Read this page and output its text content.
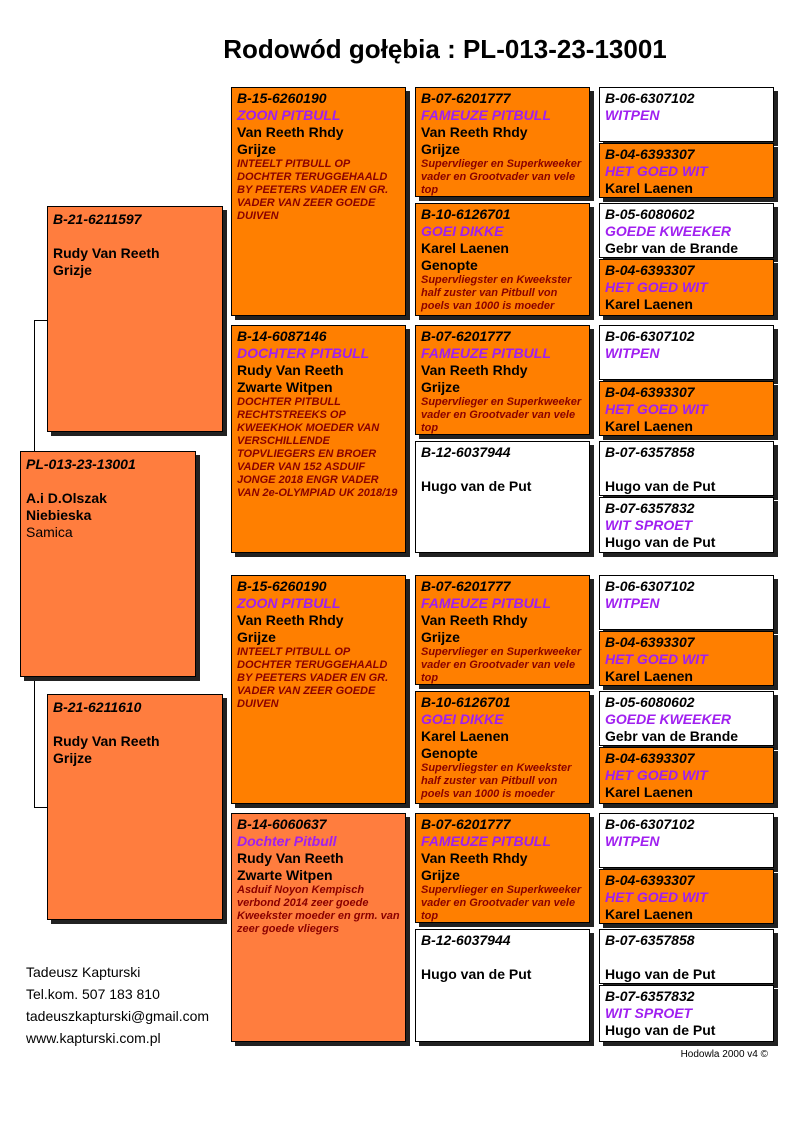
Rodowód gołębia : PL-013-23-13001
PL-013-23-13001
A.i D.Olszak
Niebieska
Samica
B-21-6211597
Rudy Van Reeth
Grizje
B-21-6211610
Rudy Van Reeth
Grijze
B-15-6260190
ZOON PITBULL
Van Reeth Rhdy
Grijze
INTEELT PITBULL OP DOCHTER TERUGGEHAALD BY PEETERS VADER EN GR. VADER VAN ZEER GOEDE DUIVEN
B-14-6087146
DOCHTER PITBULL
Rudy Van Reeth
Zwarte Witpen
DOCHTER PITBULL RECHTSTREEKS OP KWEEKHOK MOEDER VAN VERSCHILLENDE TOPVLIEGERS EN BROER VADER VAN 152 ASDUIF JONGE 2018 ENGR VADER VAN 2e-OLYMPIAD UK 2018/19
B-15-6260190
ZOON PITBULL
Van Reeth Rhdy
Grijze
INTEELT PITBULL OP DOCHTER TERUGGEHAALD BY PEETERS VADER EN GR. VADER VAN ZEER GOEDE DUIVEN
B-14-6060637
Dochter Pitbull
Rudy Van Reeth
Zwarte Witpen
Asduif Noyon Kempisch verbond 2014 zeer goede Kweekster moeder en grm. van zeer goede vliegers
B-07-6201777
FAMEUZE PITBULL
Van Reeth Rhdy
Grijze
Supervlieger en Superkweeker vader en Grootvader van vele top
B-10-6126701
GOEI DIKKE
Karel Laenen
Genopte
Supervliegster en Kweekster half zuster van Pitbull von poels van 1000 is moeder
B-07-6201777
FAMEUZE PITBULL
Van Reeth Rhdy
Grijze
Supervlieger en Superkweeker vader en Grootvader van vele top
B-12-6037944
Hugo van de Put
B-07-6201777
FAMEUZE PITBULL
Van Reeth Rhdy
Grijze
Supervlieger en Superkweeker vader en Grootvader van vele top
B-10-6126701
GOEI DIKKE
Karel Laenen
Genopte
Supervliegster en Kweekster half zuster van Pitbull von poels van 1000 is moeder
B-07-6201777
FAMEUZE PITBULL
Van Reeth Rhdy
Grijze
Supervlieger en Superkweeker vader en Grootvader van vele top
B-12-6037944
Hugo van de Put
B-06-6307102
WITPEN
B-04-6393307
HET GOED WIT
Karel Laenen
B-05-6080602
GOEDE KWEEKER
Gebr van de Brande
B-04-6393307
HET GOED WIT
Karel Laenen
B-06-6307102
WITPEN
B-04-6393307
HET GOED WIT
Karel Laenen
B-07-6357858
Hugo van de Put
B-07-6357832
WIT SPROET
Hugo van de Put
B-06-6307102
WITPEN
B-04-6393307
HET GOED WIT
Karel Laenen
B-05-6080602
GOEDE KWEEKER
Gebr van de Brande
B-04-6393307
HET GOED WIT
Karel Laenen
B-06-6307102
WITPEN
B-04-6393307
HET GOED WIT
Karel Laenen
B-07-6357858
Hugo van de Put
B-07-6357832
WIT SPROET
Hugo van de Put
Tadeusz Kapturski
Tel.kom. 507 183 810
tadeuszkapturski@gmail.com
www.kapturski.com.pl
Hodowla 2000 v4 ©
